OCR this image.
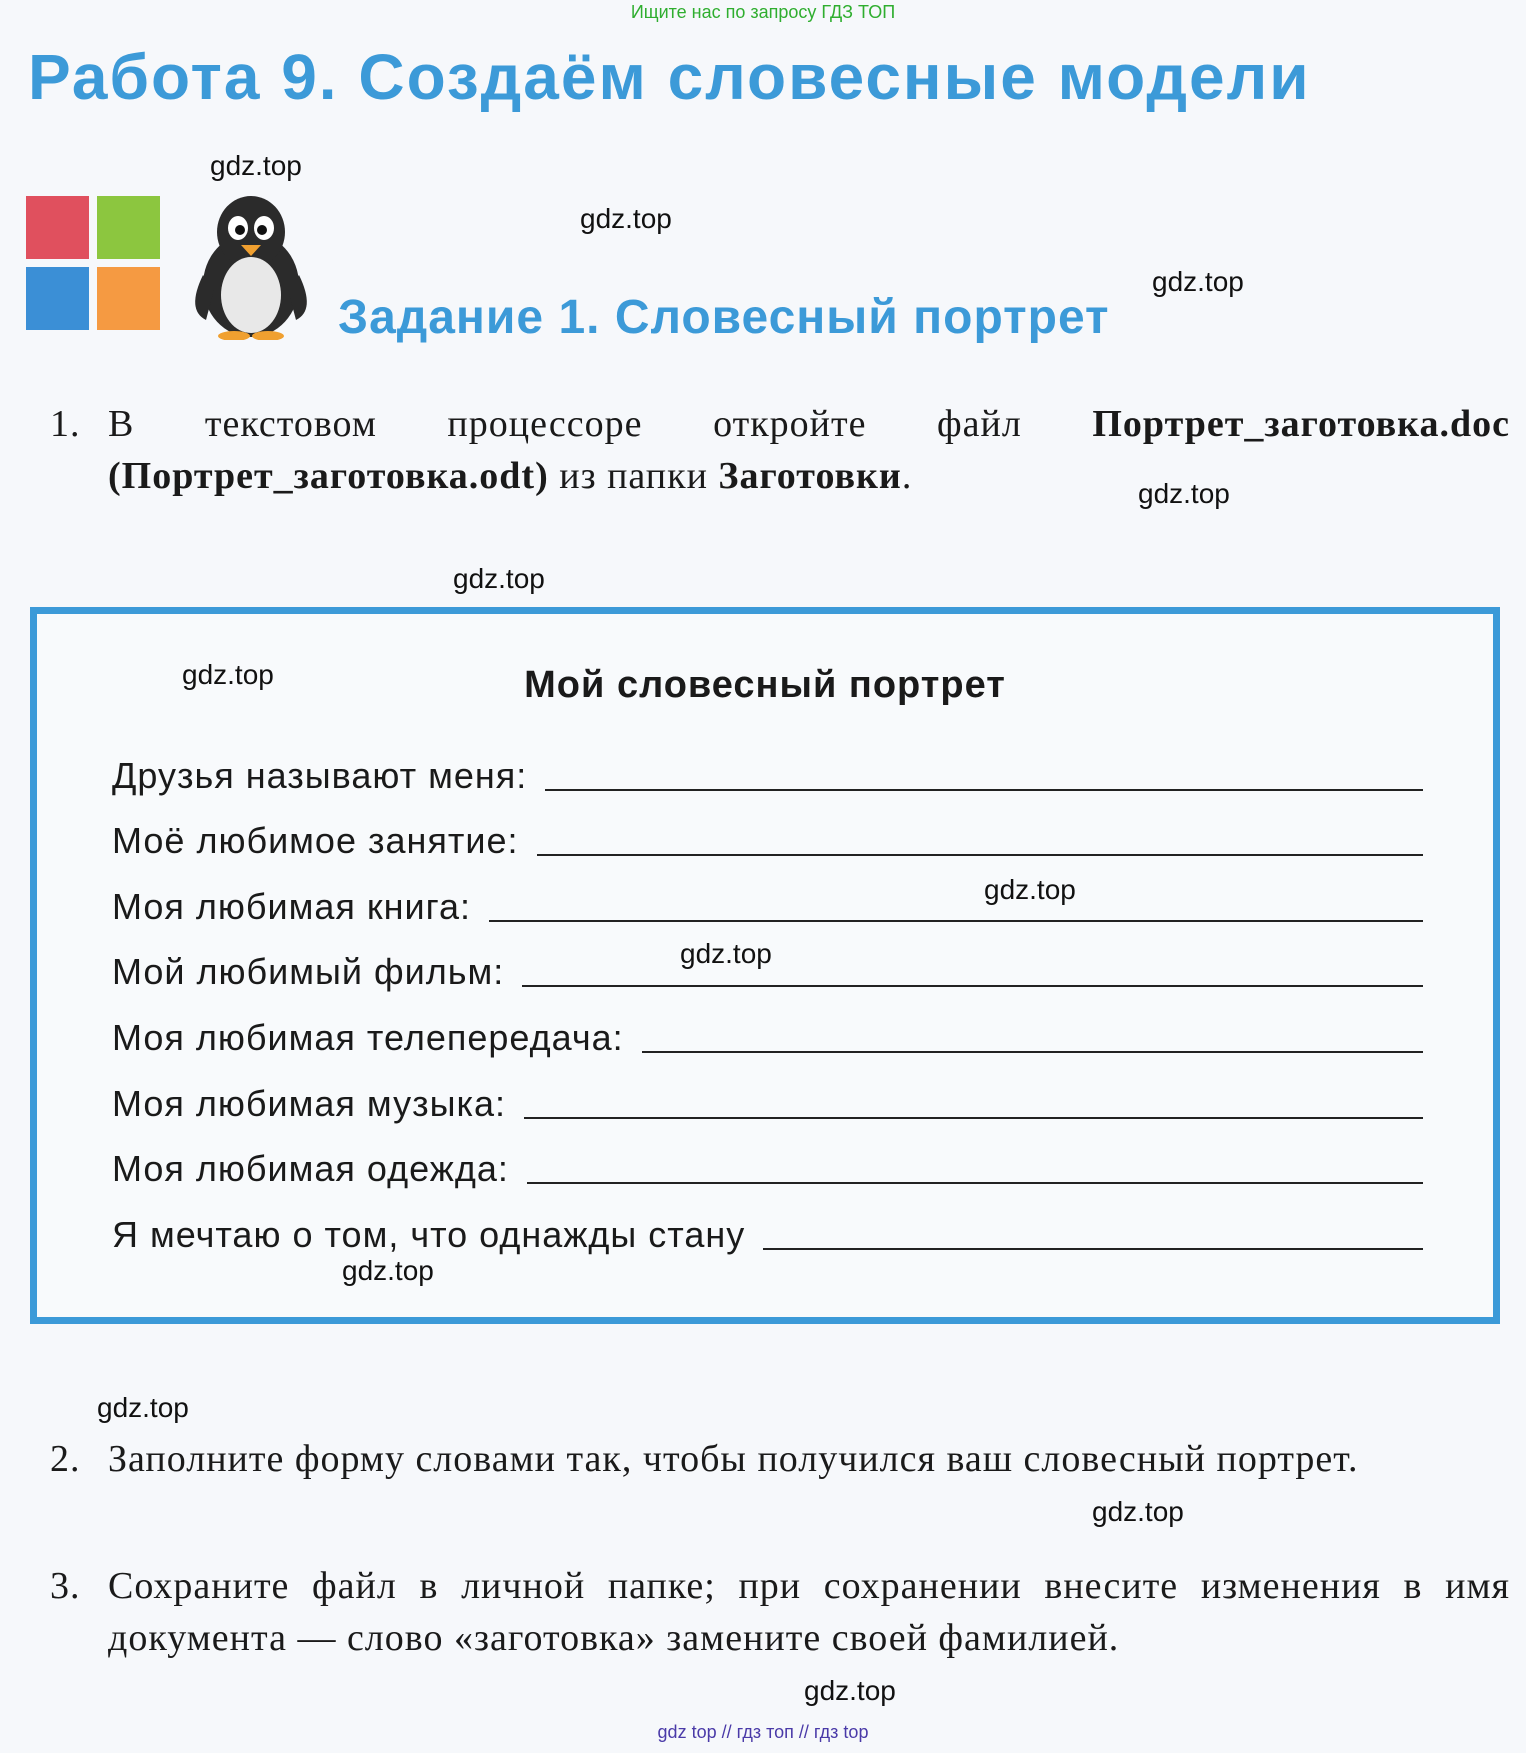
Ищите нас по запросу ГДЗ ТОП
Работа 9. Создаём словесные модели
Задание 1. Словесный портрет
1. В текстовом процессоре откройте файл Портрет_заготовка.doc (Портрет_заготовка.odt) из папки Заготовки.
Мой словесный портрет
Друзья называют меня:
Моё любимое занятие:
Моя любимая книга:
Мой любимый фильм:
Моя любимая телепередача:
Моя любимая музыка:
Моя любимая одежда:
Я мечтаю о том, что однажды стану
2. Заполните форму словами так, чтобы получился ваш словесный портрет.
3. Сохраните файл в личной папке; при сохранении внесите изменения в имя документа — слово «заготовка» замените своей фамилией.
gdz.top
gdz.top
gdz.top
gdz.top
gdz.top
gdz.top
gdz.top
gdz.top
gdz.top
gdz.top
gdz.top
gdz.top
gdz top // гдз топ // гдз top
